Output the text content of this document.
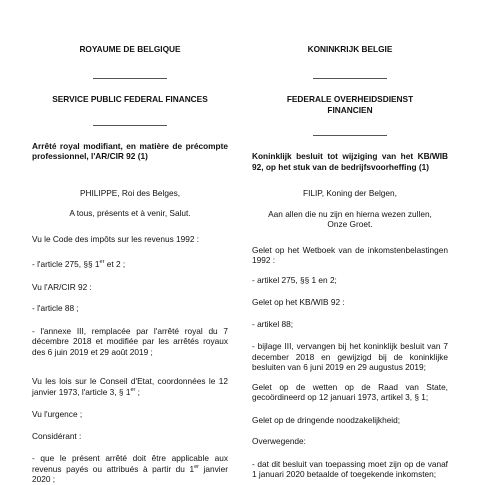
ROYAUME DE BELGIQUE
SERVICE PUBLIC FEDERAL FINANCES
Arrêté royal modifiant, en matière de précompte professionnel, l'AR/CIR 92 (1)
PHILIPPE, Roi des Belges,
A tous, présents et à venir, Salut.
Vu le Code des impôts sur les revenus 1992 :
- l'article 275, §§ 1er et 2 ;
Vu l'AR/CIR 92 :
- l'article 88 ;
- l'annexe III, remplacée par l'arrêté royal du 7 décembre 2018 et modifiée par les arrêtés royaux des 6 juin 2019 et 29 août 2019 ;
Vu les lois sur le Conseil d'Etat, coordonnées le 12 janvier 1973, l'article 3, § 1er ;
Vu l'urgence ;
Considérant :
- que le présent arrêté doit être applicable aux revenus payés ou attribués à partir du 1er janvier 2020 ;
KONINKRIJK BELGIE
FEDERALE OVERHEIDSDIENST
FINANCIEN
Koninklijk besluit tot wijziging van het KB/WIB 92, op het stuk van de bedrijfsvoorheffing (1)
FILIP, Koning der Belgen,
Aan allen die nu zijn en hierna wezen zullen,
Onze Groet.
Gelet op het Wetboek van de inkomstenbelastingen 1992 :
- artikel 275, §§ 1 en 2;
Gelet op het KB/WIB 92 :
- artikel 88;
- bijlage III, vervangen bij het koninklijk besluit van 7 december 2018 en gewijzigd bij de koninklijke besluiten van 6 juni 2019 en 29 augustus 2019;
Gelet op de wetten op de Raad van State, gecoördineerd op 12 januari 1973, artikel 3, § 1;
Gelet op de dringende noodzakelijkheid;
Overwegende:
- dat dit besluit van toepassing moet zijn op de vanaf 1 januari 2020 betaalde of toegekende inkomsten;
